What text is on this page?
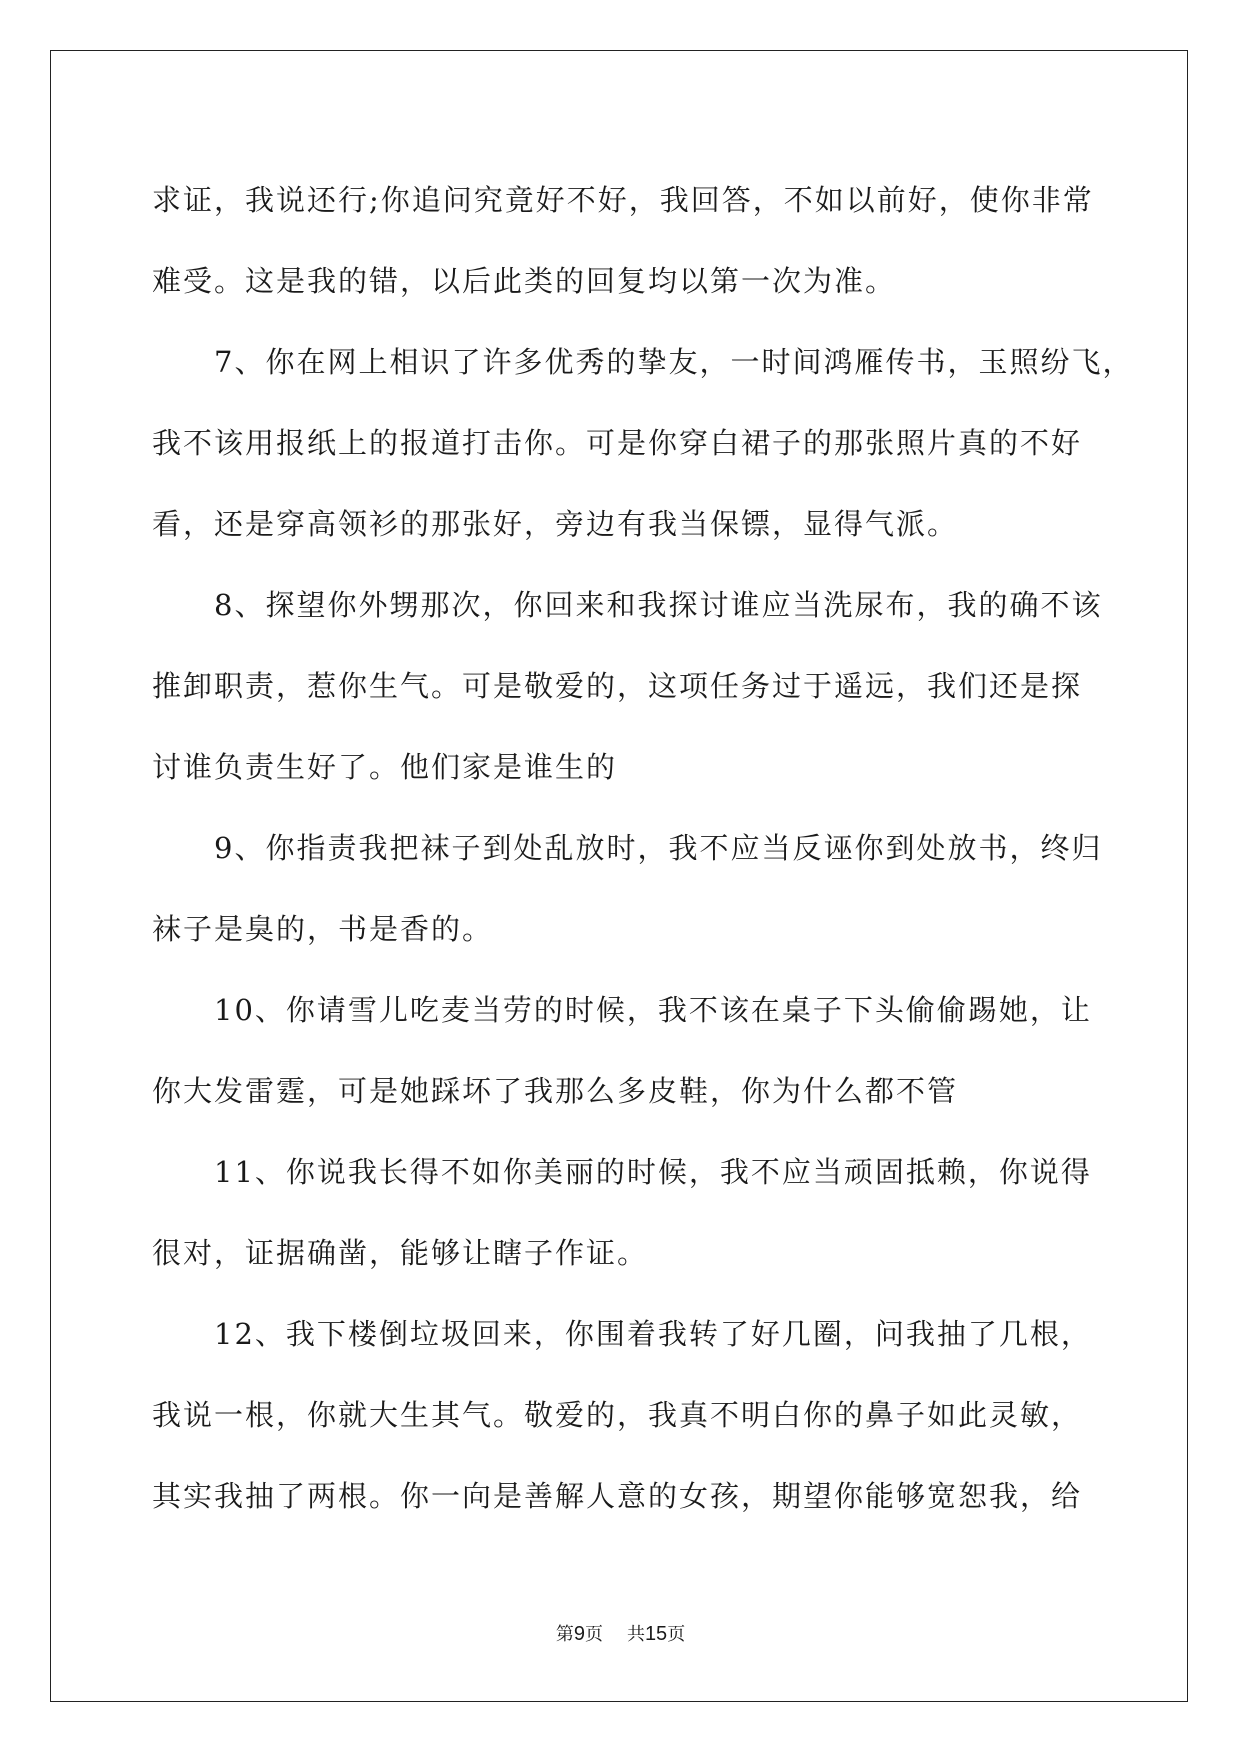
求证，我说还行;你追问究竟好不好，我回答，不如以前好，使你非常
难受。这是我的错，以后此类的回复均以第一次为准。
7、你在网上相识了许多优秀的挚友，一时间鸿雁传书，玉照纷飞，
我不该用报纸上的报道打击你。可是你穿白裙子的那张照片真的不好
看，还是穿高领衫的那张好，旁边有我当保镖，显得气派。
8、探望你外甥那次，你回来和我探讨谁应当洗尿布，我的确不该
推卸职责，惹你生气。可是敬爱的，这项任务过于遥远，我们还是探
讨谁负责生好了。他们家是谁生的
9、你指责我把袜子到处乱放时，我不应当反诬你到处放书，终归
袜子是臭的，书是香的。
10、你请雪儿吃麦当劳的时候，我不该在桌子下头偷偷踢她，让
你大发雷霆，可是她踩坏了我那么多皮鞋，你为什么都不管
11、你说我长得不如你美丽的时候，我不应当顽固抵赖，你说得
很对，证据确凿，能够让瞎子作证。
12、我下楼倒垃圾回来，你围着我转了好几圈，问我抽了几根，
我说一根，你就大生其气。敬爱的，我真不明白你的鼻子如此灵敏，
其实我抽了两根。你一向是善解人意的女孩，期望你能够宽恕我，给
第9页 共15页
